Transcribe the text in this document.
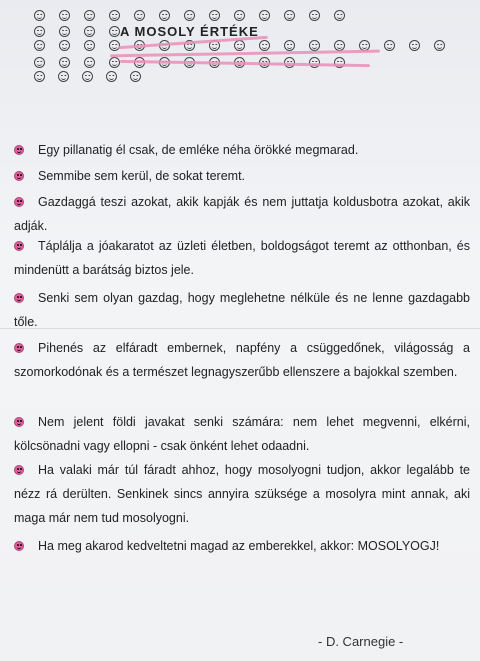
A MOSOLY ÉRTÉKE
Egy pillanatig él csak, de emléke néha örökké megmarad.
Semmibe sem kerül, de sokat teremt.
Gazdaggá teszi azokat, akik kapják és nem juttatja koldusbotra azokat, akik adják.
Táplálja a jóakaratot az üzleti életben, boldogságot teremt az otthonban, és mindenütt a barátság biztos jele.
Senki sem olyan gazdag, hogy meglehetne nélküle és ne lenne gazdagabb tőle.
Pihenés az elfáradt embernek, napfény a csüggedőnek, világosság a szomorkodónak és a természet legnagyszerűbb ellenszere a bajokkal szemben.
Nem jelent földi javakat senki számára: nem lehet megvenni, elkérni, kölcsönadni vagy ellopni - csak önként lehet odaadni.
Ha valaki már túl fáradt ahhoz, hogy mosolyogni tudjon, akkor legalább te nézz rá derülten. Senkinek sincs annyira szüksége a mosolyra mint annak, aki maga már nem tud mosolyogni.
Ha meg akarod kedveltetni magad az emberekkel, akkor: MOSOLYOGJ!
- D. Carnegie -
